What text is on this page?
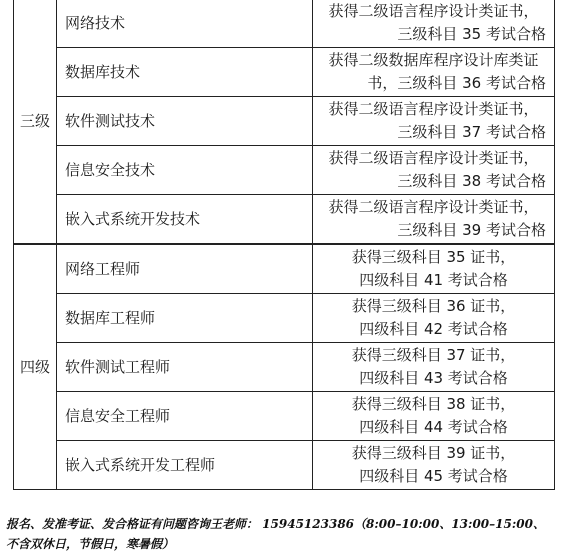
三级	网络技术	获得二级语言程序设计类证书，
三级科目 35 考试合格

	数据库技术	获得二级数据库程序设计库类证
书，三级科目 36 考试合格

	软件测试技术	获得二级语言程序设计类证书，
三级科目 37 考试合格

	信息安全技术	获得二级语言程序设计类证书，
三级科目 38 考试合格

	嵌入式系统开发技术	获得二级语言程序设计类证书，
三级科目 39 考试合格

四级	网络工程师	获得三级科目 35 证书，
四级科目 41 考试合格

	数据库工程师	获得三级科目 36 证书，
四级科目 42 考试合格

	软件测试工程师	获得三级科目 37 证书，
四级科目 43 考试合格

	信息安全工程师	获得三级科目 38 证书，
四级科目 44 考试合格

	嵌入式系统开发工程师	获得三级科目 39 证书，
四级科目 45 考试合格
报名、发准考证、发合格证有问题咨询王老师： 15945123386（8:00–10:00、13:00–15:00、
不含双休日，节假日，寒暑假）
